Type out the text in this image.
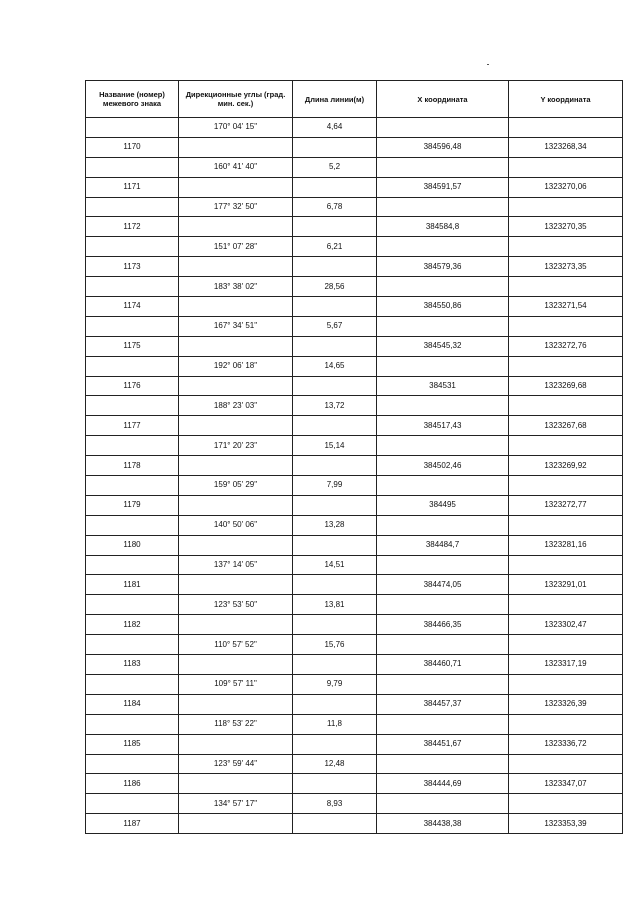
Название (номер) межевого знака	Дирекционные углы (град. мин. сек.)	Длина линии(м)	X координата	Y координата
	170° 04' 15"	4,64		
1170			384596,48	1323268,34
	160° 41' 40"	5,2		
1171			384591,57	1323270,06
	177° 32' 50"	6,78		
1172			384584,8	1323270,35
	151° 07' 28"	6,21		
1173			384579,36	1323273,35
	183° 38' 02"	28,56		
1174			384550,86	1323271,54
	167° 34' 51"	5,67		
1175			384545,32	1323272,76
	192° 06' 18"	14,65		
1176			384531	1323269,68
	188° 23' 03"	13,72		
1177			384517,43	1323267,68
	171° 20' 23"	15,14		
1178			384502,46	1323269,92
	159° 05' 29"	7,99		
1179			384495	1323272,77
	140° 50' 06"	13,28		
1180			384484,7	1323281,16
	137° 14' 05"	14,51		
1181			384474,05	1323291,01
	123° 53' 50"	13,81		
1182			384466,35	1323302,47
	110° 57' 52"	15,76		
1183			384460,71	1323317,19
	109° 57' 11"	9,79		
1184			384457,37	1323326,39
	118° 53' 22"	11,8		
1185			384451,67	1323336,72
	123° 59' 44"	12,48		
1186			384444,69	1323347,07
	134° 57' 17"	8,93		
1187			384438,38	1323353,39
